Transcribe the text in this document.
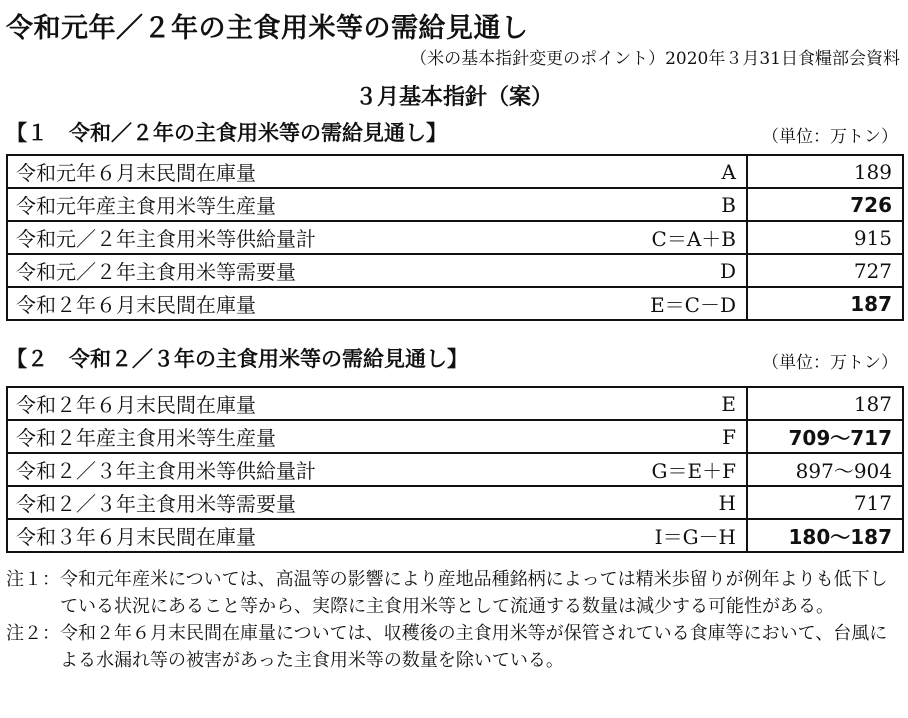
令和元年／２年の主食用米等の需給見通し
（米の基本指針変更のポイント）2020年３月31日食糧部会資料
３月基本指針（案）
【１　令和／２年の主食用米等の需給見通し】	（単位：万トン）
令和元年６月末民間在庫量	A	189
令和元年産主食用米等生産量	B	726
令和元／２年主食用米等供給量計	C＝A＋B	915
令和元／２年主食用米等需要量	D	727
令和２年６月末民間在庫量	E＝C－D	187
【２　令和２／３年の主食用米等の需給見通し】	（単位：万トン）
令和２年６月末民間在庫量	E	187
令和２年産主食用米等生産量	F	709～717
令和２／３年主食用米等供給量計	G＝E＋F	897～904
令和２／３年主食用米等需要量	H	717
令和３年６月末民間在庫量	I＝G－H	180～187
注１： 令和元年産米については、高温等の影響により産地品種銘柄によっては精米歩留りが例年よりも低下している状況にあること等から、実際に主食用米等として流通する数量は減少する可能性がある。
注２： 令和２年６月末民間在庫量については、収穫後の主食用米等が保管されている食庫等において、台風による水漏れ等の被害があった主食用米等の数量を除いている。
